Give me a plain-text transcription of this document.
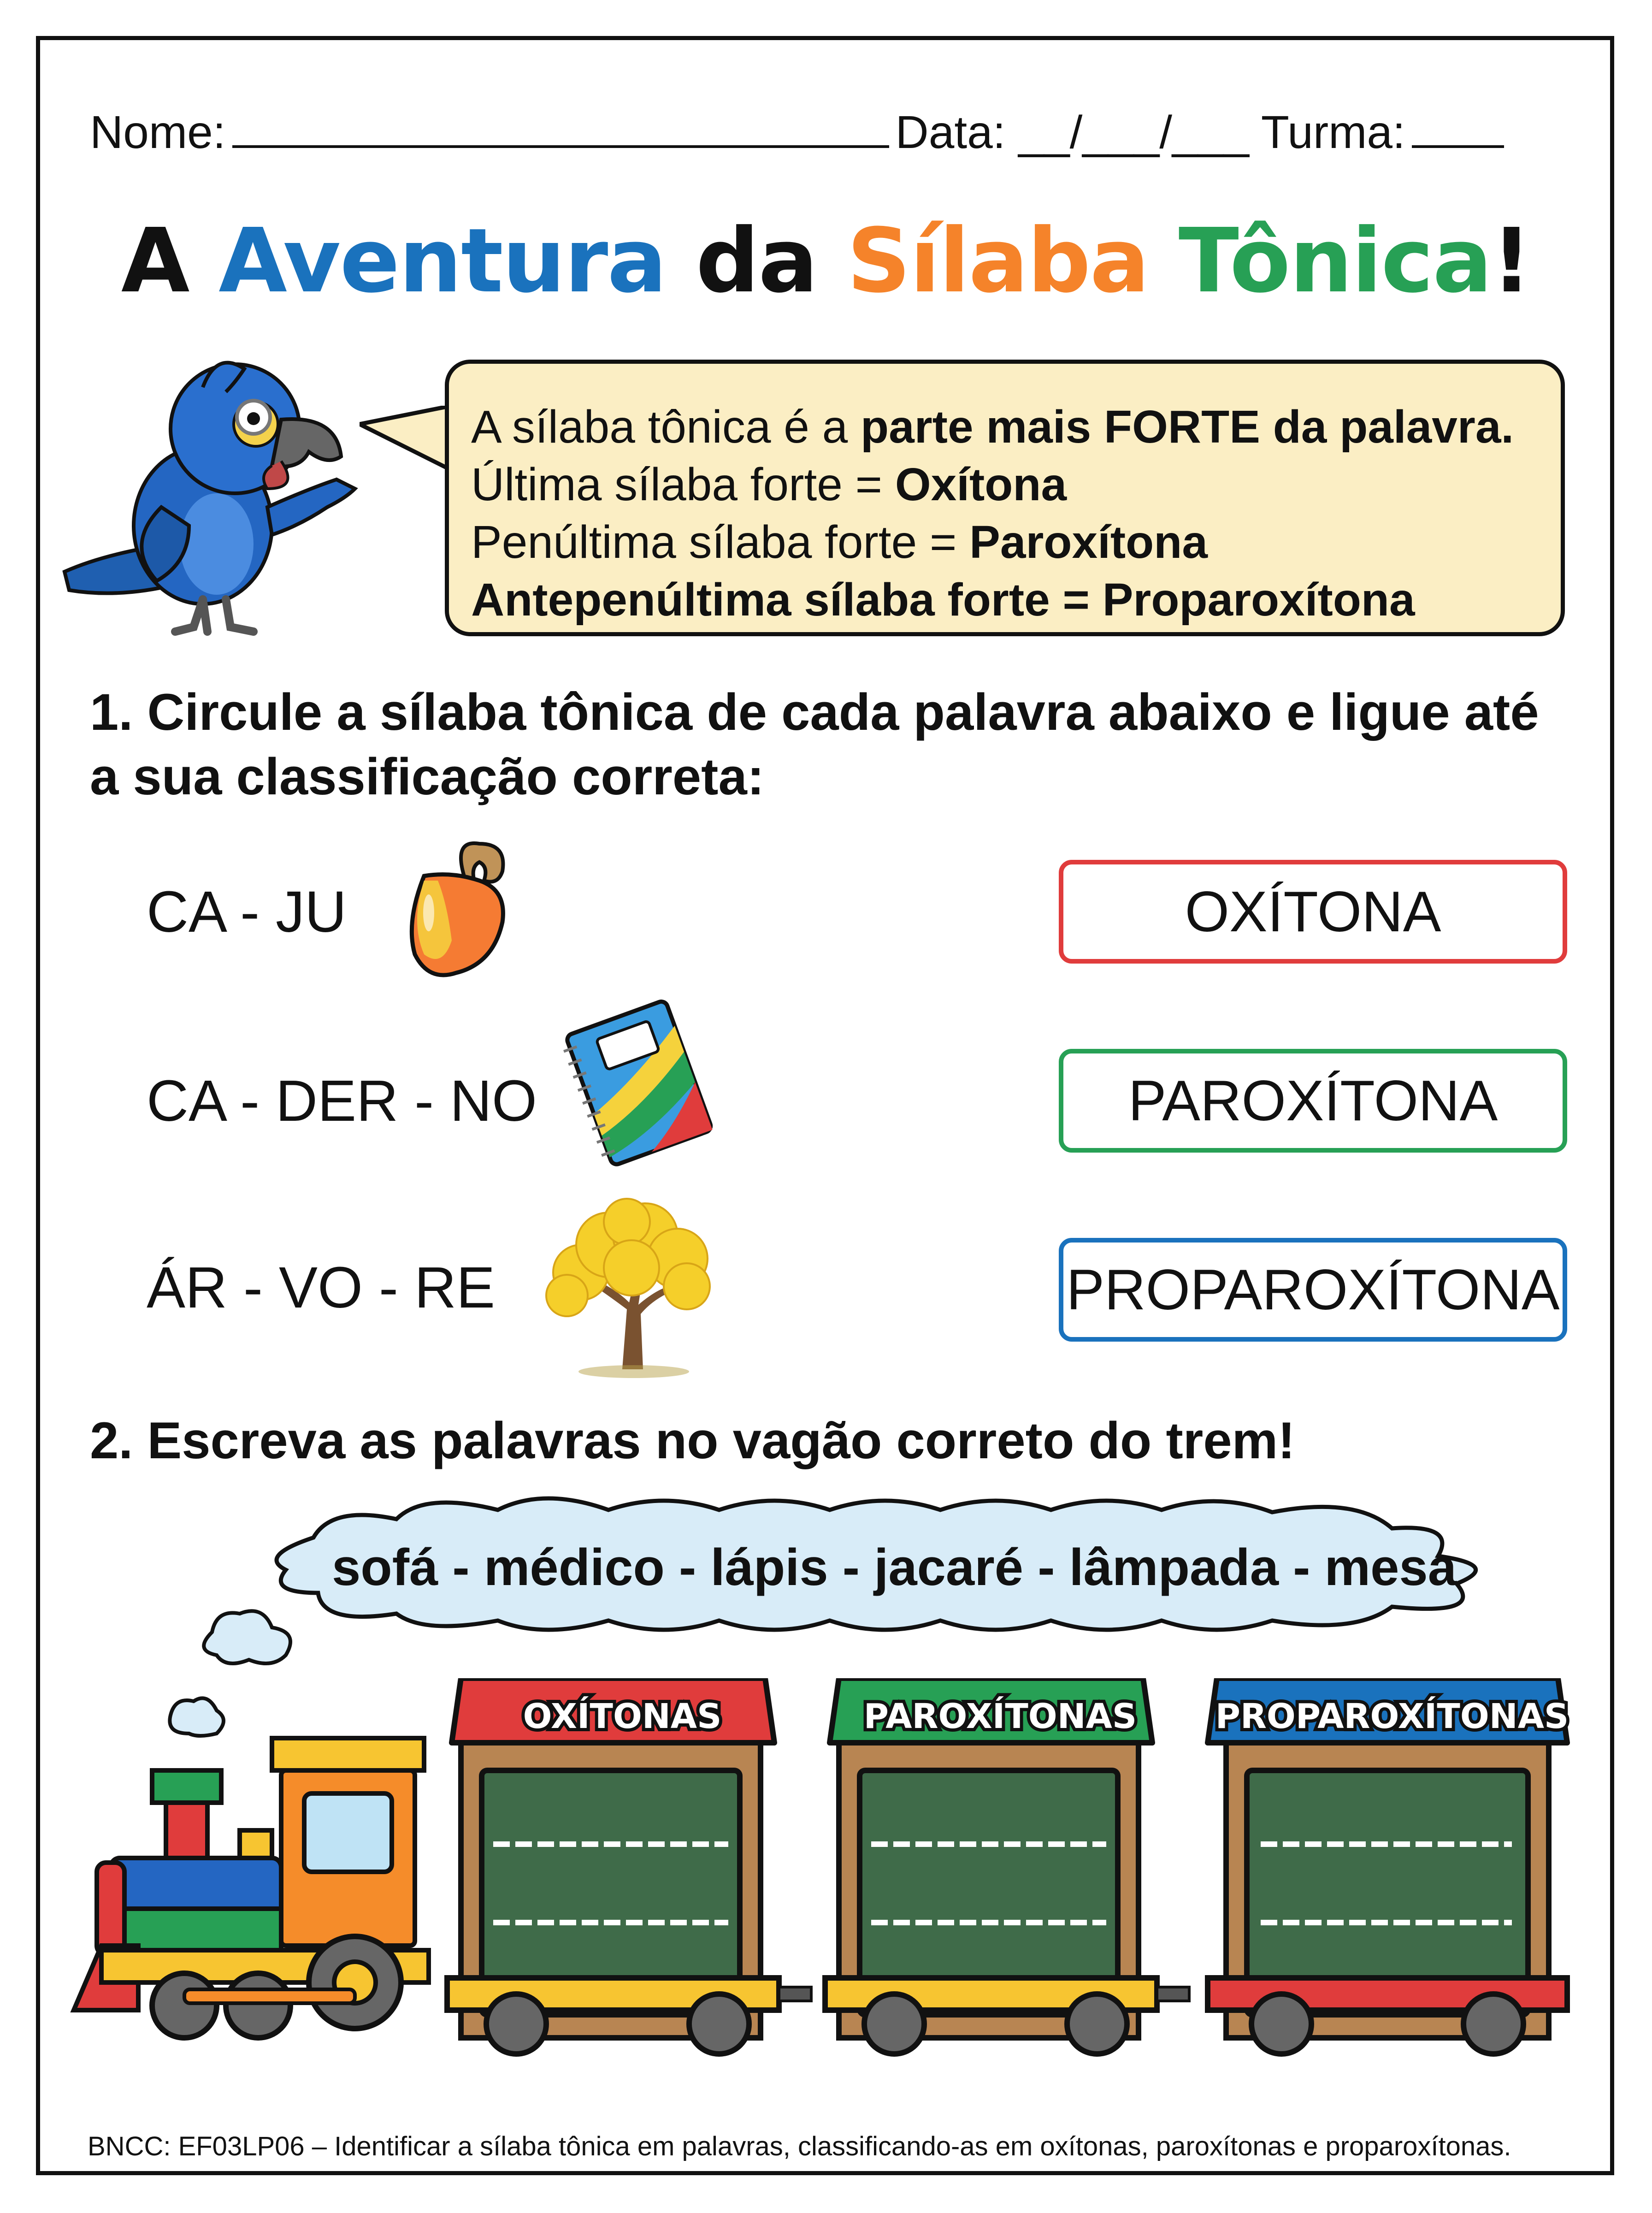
Nome:	Data: __/___/___ Turma:
A Aventura da Sílaba Tônica!
A sílaba tônica é a parte mais FORTE da palavra.
Última sílaba forte = Oxítona
Penúltima sílaba forte = Paroxítona
Antepenúltima sílaba forte = Proparoxítona
1. Circule a sílaba tônica de cada palavra abaixo e ligue até
a sua classificação correta:
CA - JU
CA - DER - NO
ÁR - VO - RE
OXÍTONA
PAROXÍTONA
PROPAROXÍTONA
2. Escreva as palavras no vagão correto do trem!
sofá - médico - lápis - jacaré - lâmpada - mesa
OXÍTONAS	PAROXÍTONAS	PROPAROXÍTONAS
BNCC: EF03LP06 – Identificar a sílaba tônica em palavras, classificando-as em oxítonas, paroxítonas e proparoxítonas.
